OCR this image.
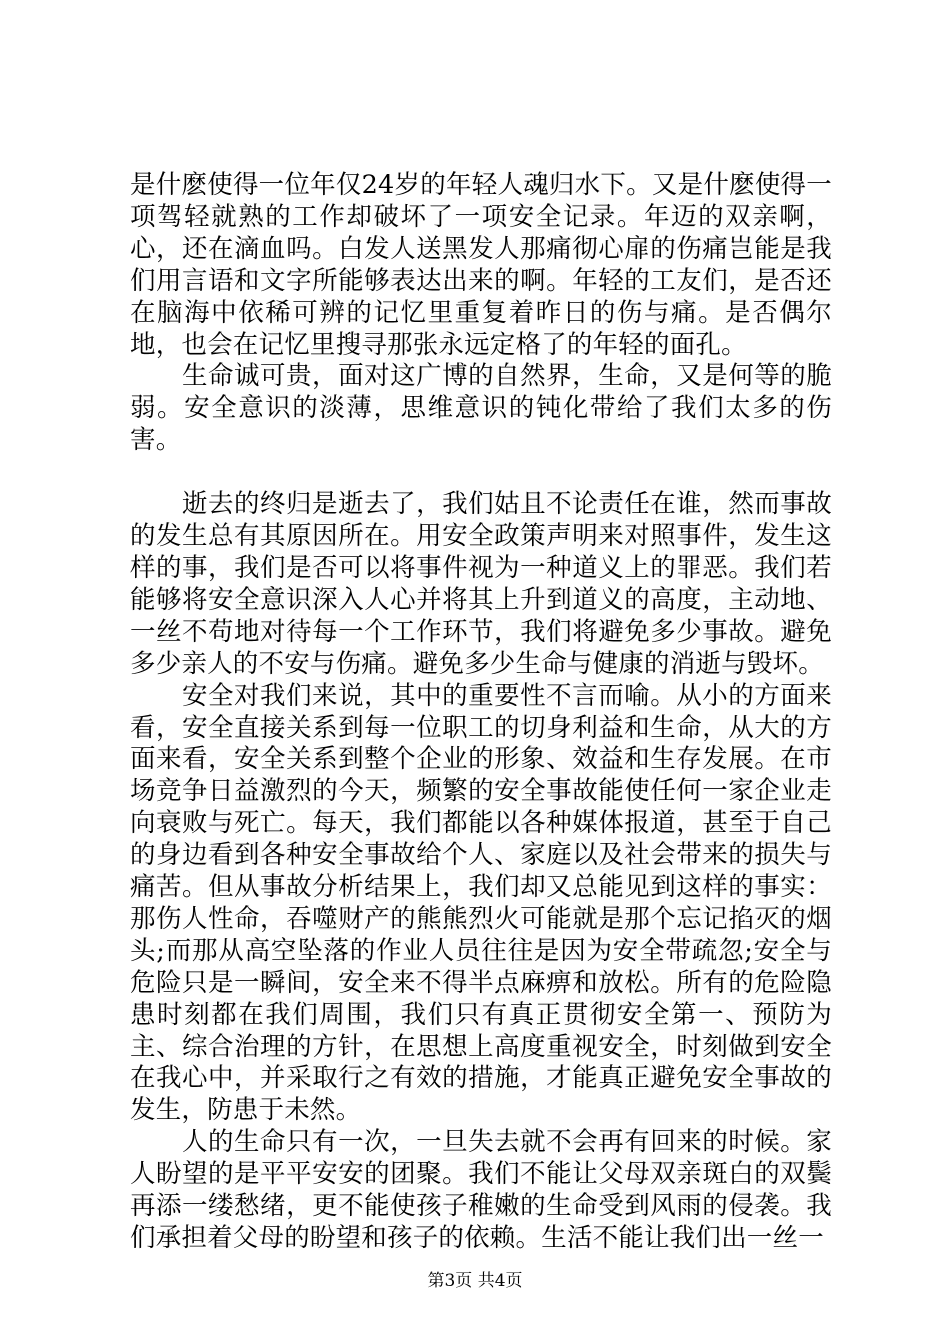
是什麽使得一位年仅24岁的年轻人魂归水下。又是什麽使得一项驾轻就熟的工作却破坏了一项安全记录。年迈的双亲啊，心，还在滴血吗。白发人送黑发人那痛彻心扉的伤痛岂能是我们用言语和文字所能够表达出来的啊。年轻的工友们，是否还在脑海中依稀可辨的记忆里重复着昨日的伤与痛。是否偶尔地，也会在记忆里搜寻那张永远定格了的年轻的面孔。

生命诚可贵，面对这广博的自然界，生命，又是何等的脆弱。安全意识的淡薄，思维意识的钝化带给了我们太多的伤害。

逝去的终归是逝去了，我们姑且不论责任在谁，然而事故的发生总有其原因所在。用安全政策声明来对照事件，发生这样的事，我们是否可以将事件视为一种道义上的罪恶。我们若能够将安全意识深入人心并将其上升到道义的高度，主动地、一丝不苟地对待每一个工作环节，我们将避免多少事故。避免多少亲人的不安与伤痛。避免多少生命与健康的消逝与毁坏。

安全对我们来说，其中的重要性不言而喻。从小的方面来看，安全直接关系到每一位职工的切身利益和生命，从大的方面来看，安全关系到整个企业的形象、效益和生存发展。在市场竞争日益激烈的今天，频繁的安全事故能使任何一家企业走向衰败与死亡。每天，我们都能以各种媒体报道，甚至于自己的身边看到各种安全事故给个人、家庭以及社会带来的损失与痛苦。但从事故分析结果上，我们却又总能见到这样的事实：那伤人性命，吞噬财产的熊熊烈火可能就是那个忘记掐灭的烟头;而那从高空坠落的作业人员往往是因为安全带疏忽;安全与危险只是一瞬间，安全来不得半点麻痹和放松。所有的危险隐患时刻都在我们周围，我们只有真正贯彻安全第一、预防为主、综合治理的方针，在思想上高度重视安全，时刻做到安全在我心中，并采取行之有效的措施，才能真正避免安全事故的发生，防患于未然。

人的生命只有一次，一旦失去就不会再有回来的时候。家人盼望的是平平安安的团聚。我们不能让父母双亲斑白的双鬓再添一缕愁绪，更不能使孩子稚嫩的生命受到风雨的侵袭。我们承担着父母的盼望和孩子的依赖。生活不能让我们出一丝一

第3页 共4页
